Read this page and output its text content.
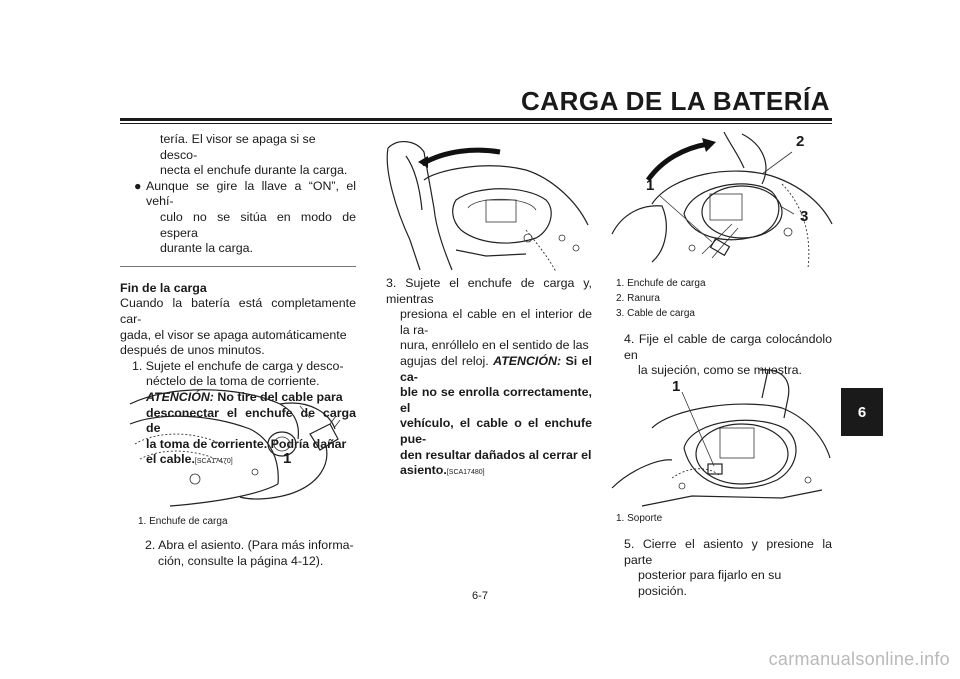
CARGA DE LA BATERÍA
6

tería. El visor se apaga si se desco-

necta el enchufe durante la carga.

● Aunque se gire la llave a “ON”, el vehí-

culo no se sitúa en modo de espera

durante la carga.

Fin de la carga

Cuando la batería está completamente car-

gada, el visor se apaga automáticamente

después de unos minutos.

1. Sujete el enchufe de carga y desco-

néctelo de la toma de corriente.

ATENCIÓN: No tire del cable para

desconectar el enchufe de carga de

la toma de corriente. Podría dañar

el cable.[SCA17470]	1
1. Enchufe de carga

2. Abra el asiento. (Para más informa-

ción, consulte la página 4-12).

3. Sujete el enchufe de carga y, mientras

presiona el cable en el interior de la ra-

nura, enróllelo en el sentido de las

agujas del reloj. ATENCIÓN: Si el ca-

ble no se enrolla correctamente, el

vehículo, el cable o el enchufe pue-

den resultar dañados al cerrar el

asiento.[SCA17480]

1
2
3
1. Enchufe de carga
2. Ranura
3. Cable de carga

4. Fije el cable de carga colocándolo en

la sujeción, como se muestra.

1
1. Soporte

5. Cierre el asiento y presione la parte

posterior para fijarlo en su posición.

6-7
carmanualsonline.info
